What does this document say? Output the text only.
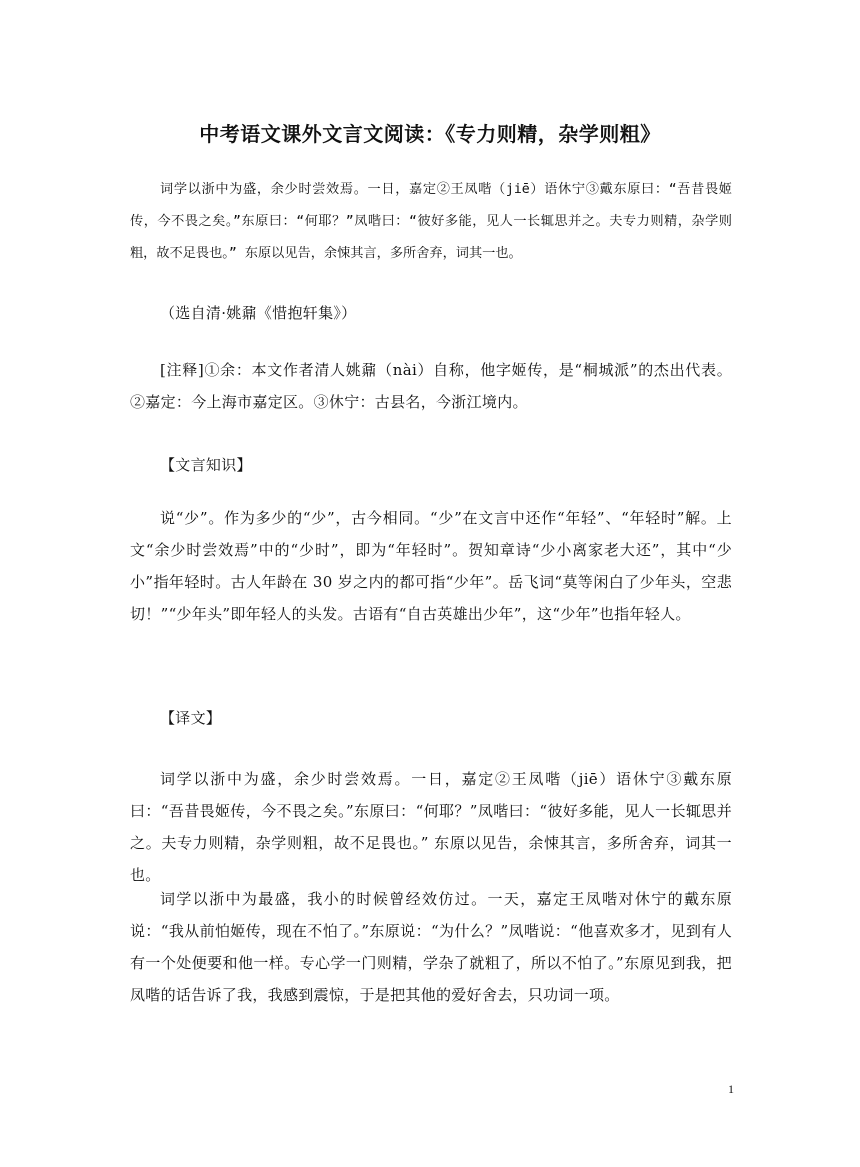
中考语文课外文言文阅读：《专力则精，杂学则粗》

词学以浙中为盛，余少时尝效焉。一日，嘉定②王凤喈（jiē）语休宁③戴东原曰：“吾昔畏姬传，今不畏之矣。”东原曰：“何耶？”凤喈曰：“彼好多能，见人一长辄思并之。夫专力则精，杂学则粗，故不足畏也。” 东原以见告，余悚其言，多所舍弃，词其一也。

（选自清·姚鼐《惜抱轩集》）

[注释]①余：本文作者清人姚鼐（nài）自称，他字姬传，是“桐城派”的杰出代表。②嘉定：今上海市嘉定区。③休宁：古县名，今浙江境内。

【文言知识】

说“少”。作为多少的“少”，古今相同。“少”在文言中还作“年轻”、“年轻时”解。上文“余少时尝效焉”中的“少时”，即为“年轻时”。贺知章诗“少小离家老大还”，其中“少小”指年轻时。古人年龄在 30 岁之内的都可指“少年”。岳飞词“莫等闲白了少年头，空悲切！”“少年头”即年轻人的头发。古语有“自古英雄出少年”，这“少年”也指年轻人。

【译文】

词学以浙中为盛，余少时尝效焉。一日，嘉定②王凤喈（jiē）语休宁③戴东原曰：“吾昔畏姬传，今不畏之矣。”东原曰：“何耶？”凤喈曰：“彼好多能，见人一长辄思并之。夫专力则精，杂学则粗，故不足畏也。” 东原以见告，余悚其言，多所舍弃，词其一也。

词学以浙中为最盛，我小的时候曾经效仿过。一天，嘉定王凤喈对休宁的戴东原说：“我从前怕姬传，现在不怕了。”东原说：“为什么？”凤喈说：“他喜欢多才，见到有人有一个处便要和他一样。专心学一门则精，学杂了就粗了，所以不怕了。”东原见到我，把凤喈的话告诉了我，我感到震惊，于是把其他的爱好舍去，只功词一项。

1
